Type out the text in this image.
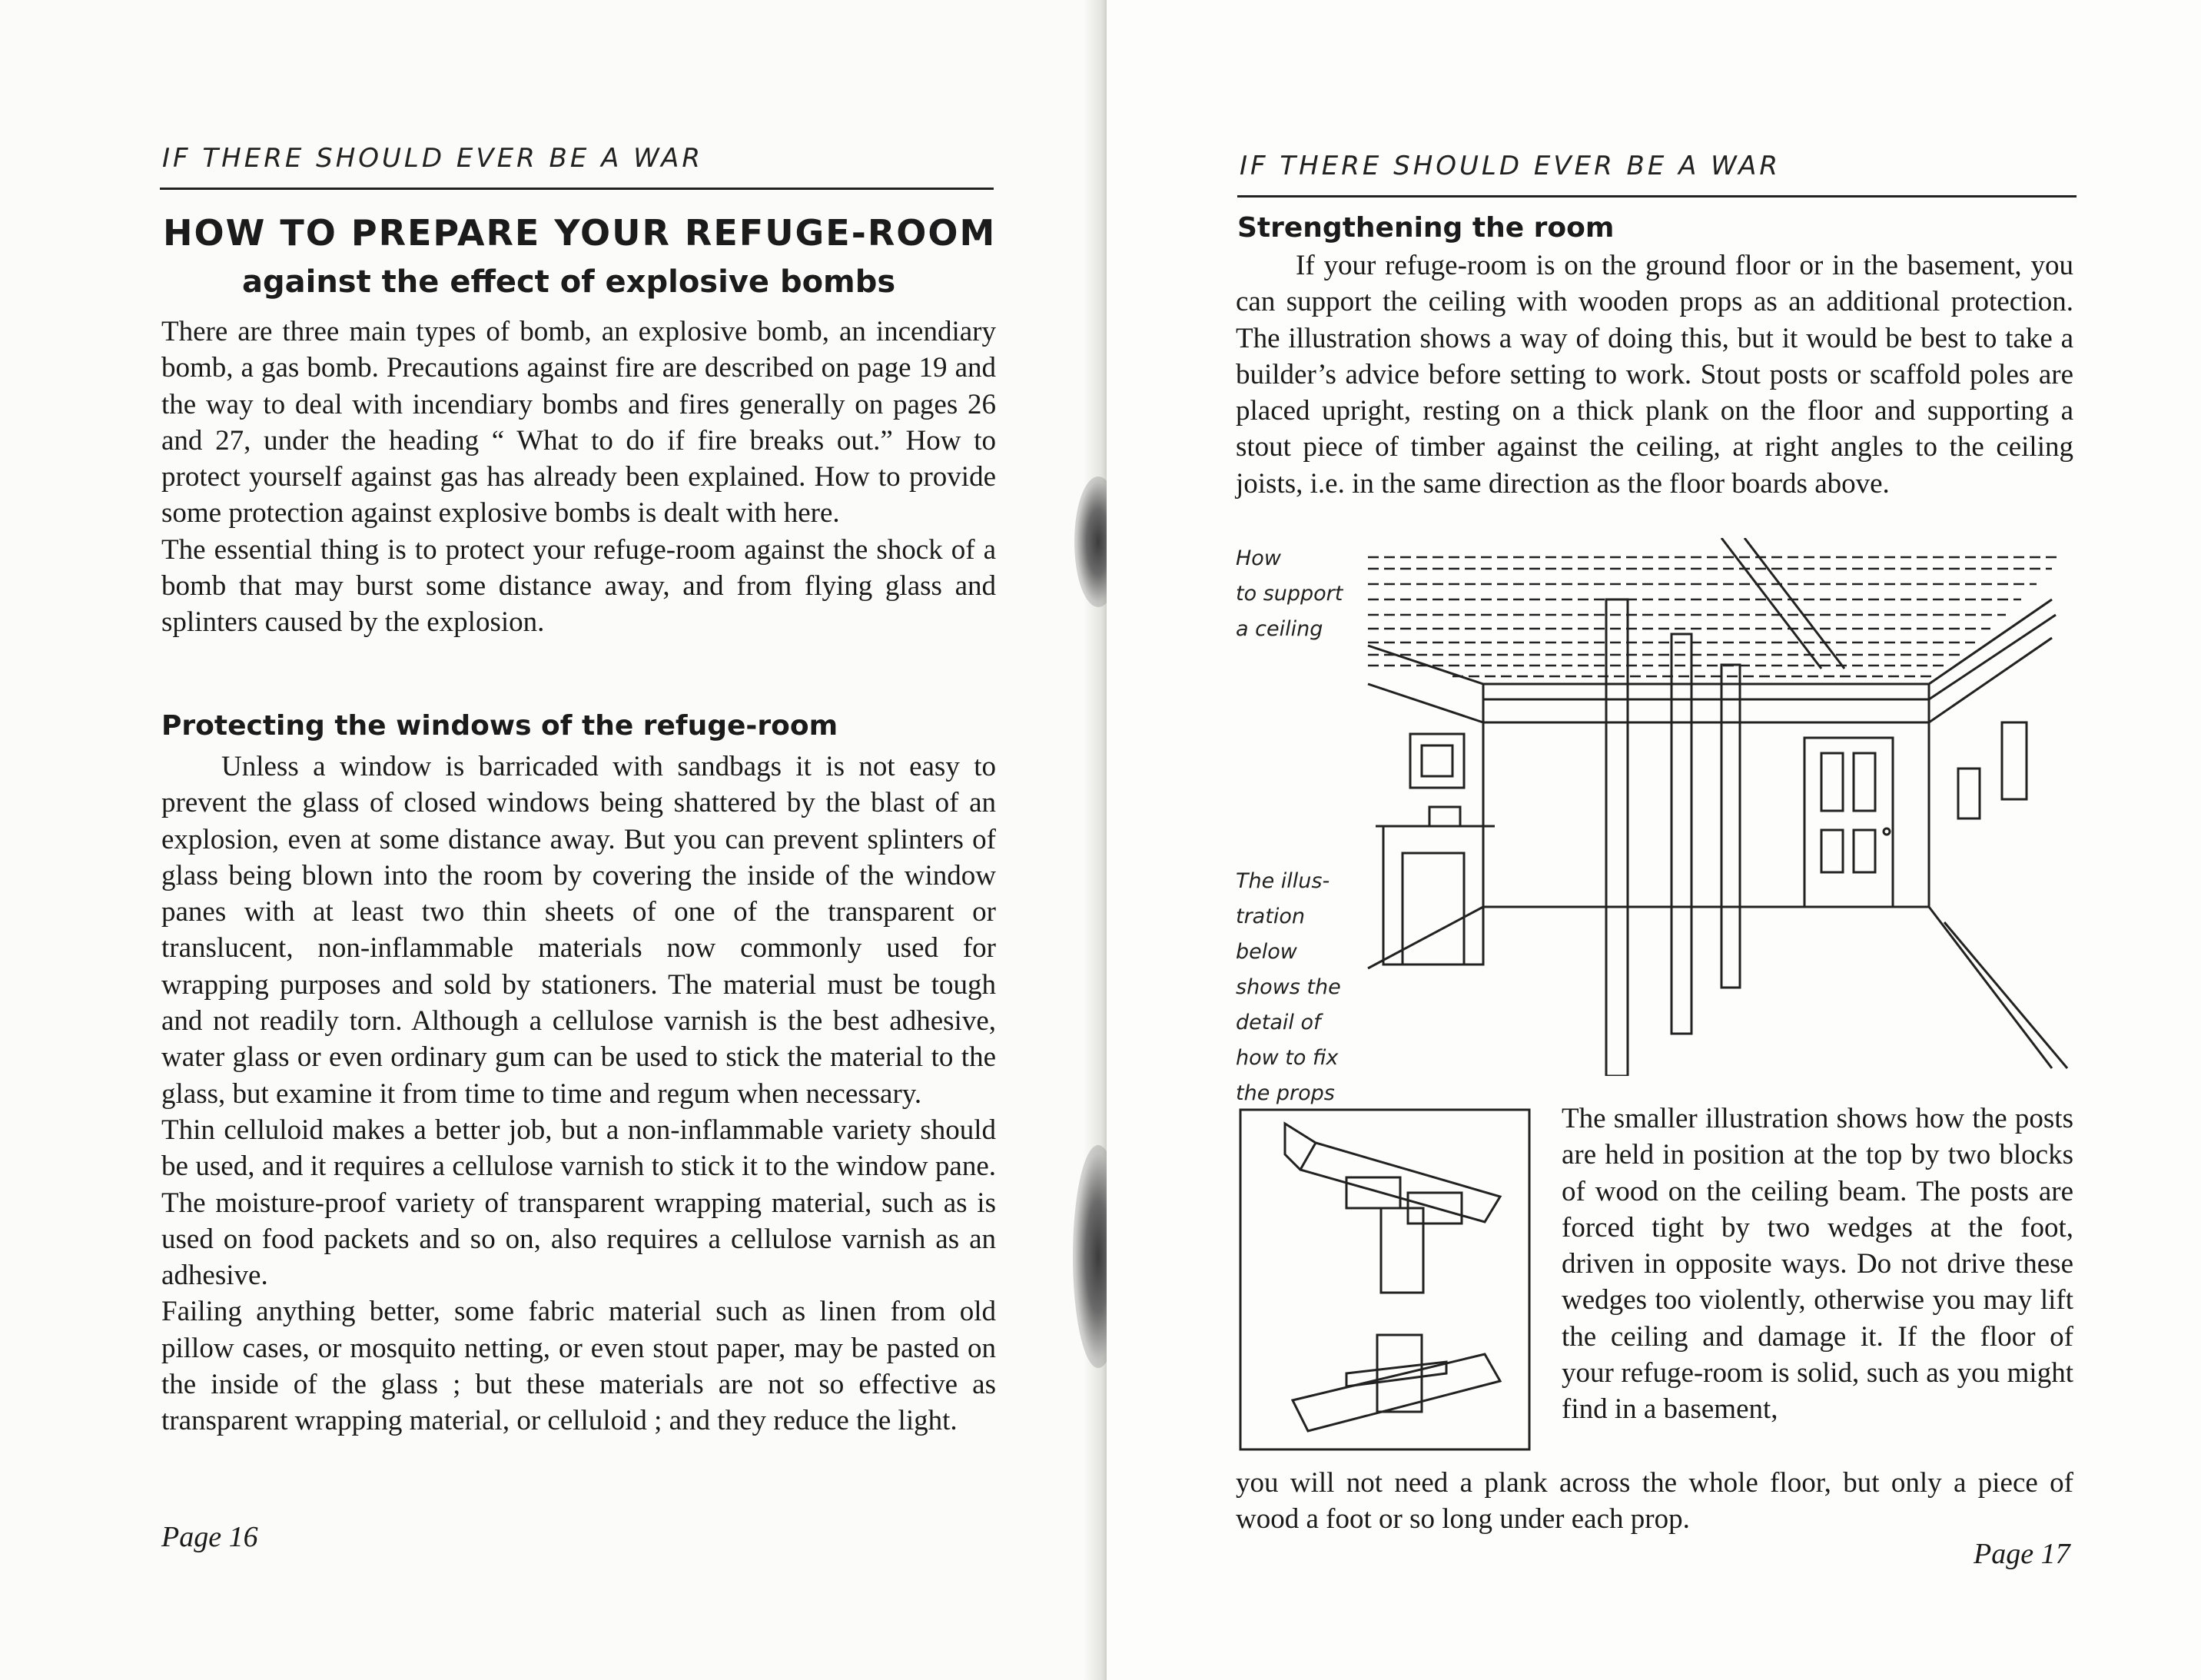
IF THERE SHOULD EVER BE A WAR
HOW TO PREPARE YOUR REFUGE-ROOM
against the effect of explosive bombs

There are three main types of bomb, an explosive bomb, an incendiary bomb, a gas bomb. Precautions against fire are described on page 19 and the way to deal with incendiary bombs and fires generally on pages 26 and 27, under the heading “ What to do if fire breaks out.” How to protect yourself against gas has already been explained. How to provide some protection against explosive bombs is dealt with here.

The essential thing is to protect your refuge-room against the shock of a bomb that may burst some distance away, and from flying glass and splinters caused by the explosion.

Protecting the windows of the refuge-room

Unless a window is barricaded with sandbags it is not easy to prevent the glass of closed windows being shattered by the blast of an explosion, even at some distance away. But you can prevent splinters of glass being blown into the room by covering the inside of the window panes with at least two thin sheets of one of the transparent or translucent, non-inflammable materials now commonly used for wrapping purposes and sold by stationers. The material must be tough and not readily torn. Although a cellulose varnish is the best adhesive, water glass or even ordinary gum can be used to stick the material to the glass, but examine it from time to time and regum when necessary.

Thin celluloid makes a better job, but a non-inflammable variety should be used, and it requires a cellulose varnish to stick it to the window pane. The moisture-proof variety of transparent wrapping material, such as is used on food packets and so on, also requires a cellulose varnish as an adhesive.

Failing anything better, some fabric material such as linen from old pillow cases, or mosquito netting, or even stout paper, may be pasted on the inside of the glass ; but these materials are not so effective as transparent wrapping material, or celluloid ; and they reduce the light.

Page 16
IF THERE SHOULD EVER BE A WAR
Strengthening the room

If your refuge-room is on the ground floor or in the basement, you can support the ceiling with wooden props as an additional protection. The illustration shows a way of doing this, but it would be best to take a builder’s advice before setting to work. Stout posts or scaffold poles are placed upright, resting on a thick plank on the floor and supporting a stout piece of timber against the ceiling, at right angles to the ceiling joists, i.e. in the same direction as the floor boards above.

How
to support
a ceiling
The illus-
tration
below
shows the
detail of
how to fix
the props

The smaller illustration shows how the posts are held in position at the top by two blocks of wood on the ceiling beam. The posts are forced tight by two wedges at the foot, driven in opposite ways. Do not drive these wedges too violently, otherwise you may lift the ceiling and damage it. If the floor of your refuge-room is solid, such as you might find in a basement,

you will not need a plank across the whole floor, but only a piece of wood a foot or so long under each prop.

Page 17
